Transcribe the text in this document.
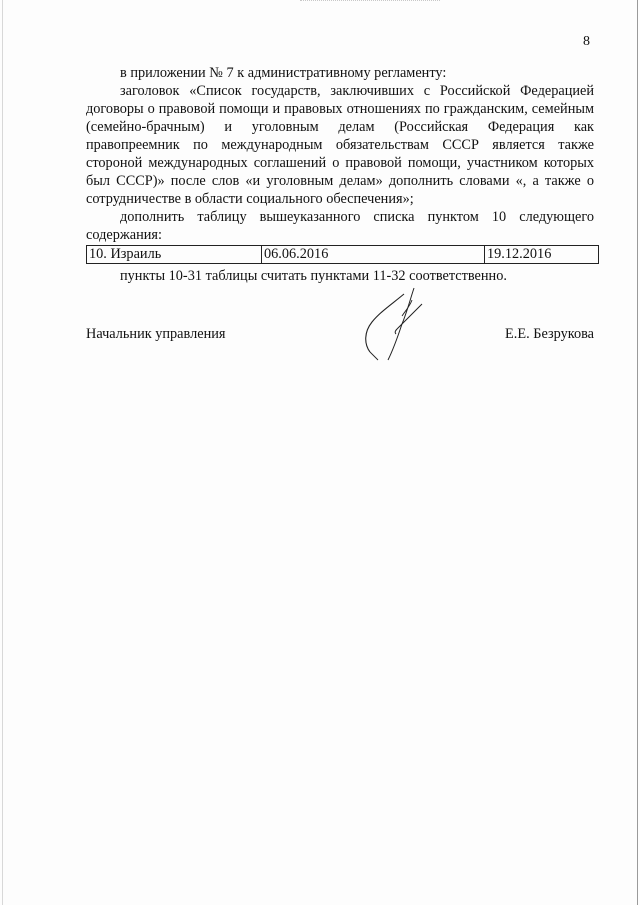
8

в приложении № 7 к административному регламенту:

заголовок «Список государств, заключивших с Российской Федерацией договоры о правовой помощи и правовых отношениях по гражданским, семейным (семейно-брачным) и уголовным делам (Российская Федерация как правопреемник по международным обязательствам СССР является также стороной международных соглашений о правовой помощи, участником которых был СССР)» после слов «и уголовным делам» дополнить словами «, а также о сотрудничестве в области социального обеспечения»;

дополнить таблицу вышеуказанного списка пунктом 10 следующего содержания:

10. Израиль	06.06.2016	19.12.2016

пункты 10-31 таблицы считать пунктами 11-32 соответственно.

Начальник управления	Е.Е. Безрукова
